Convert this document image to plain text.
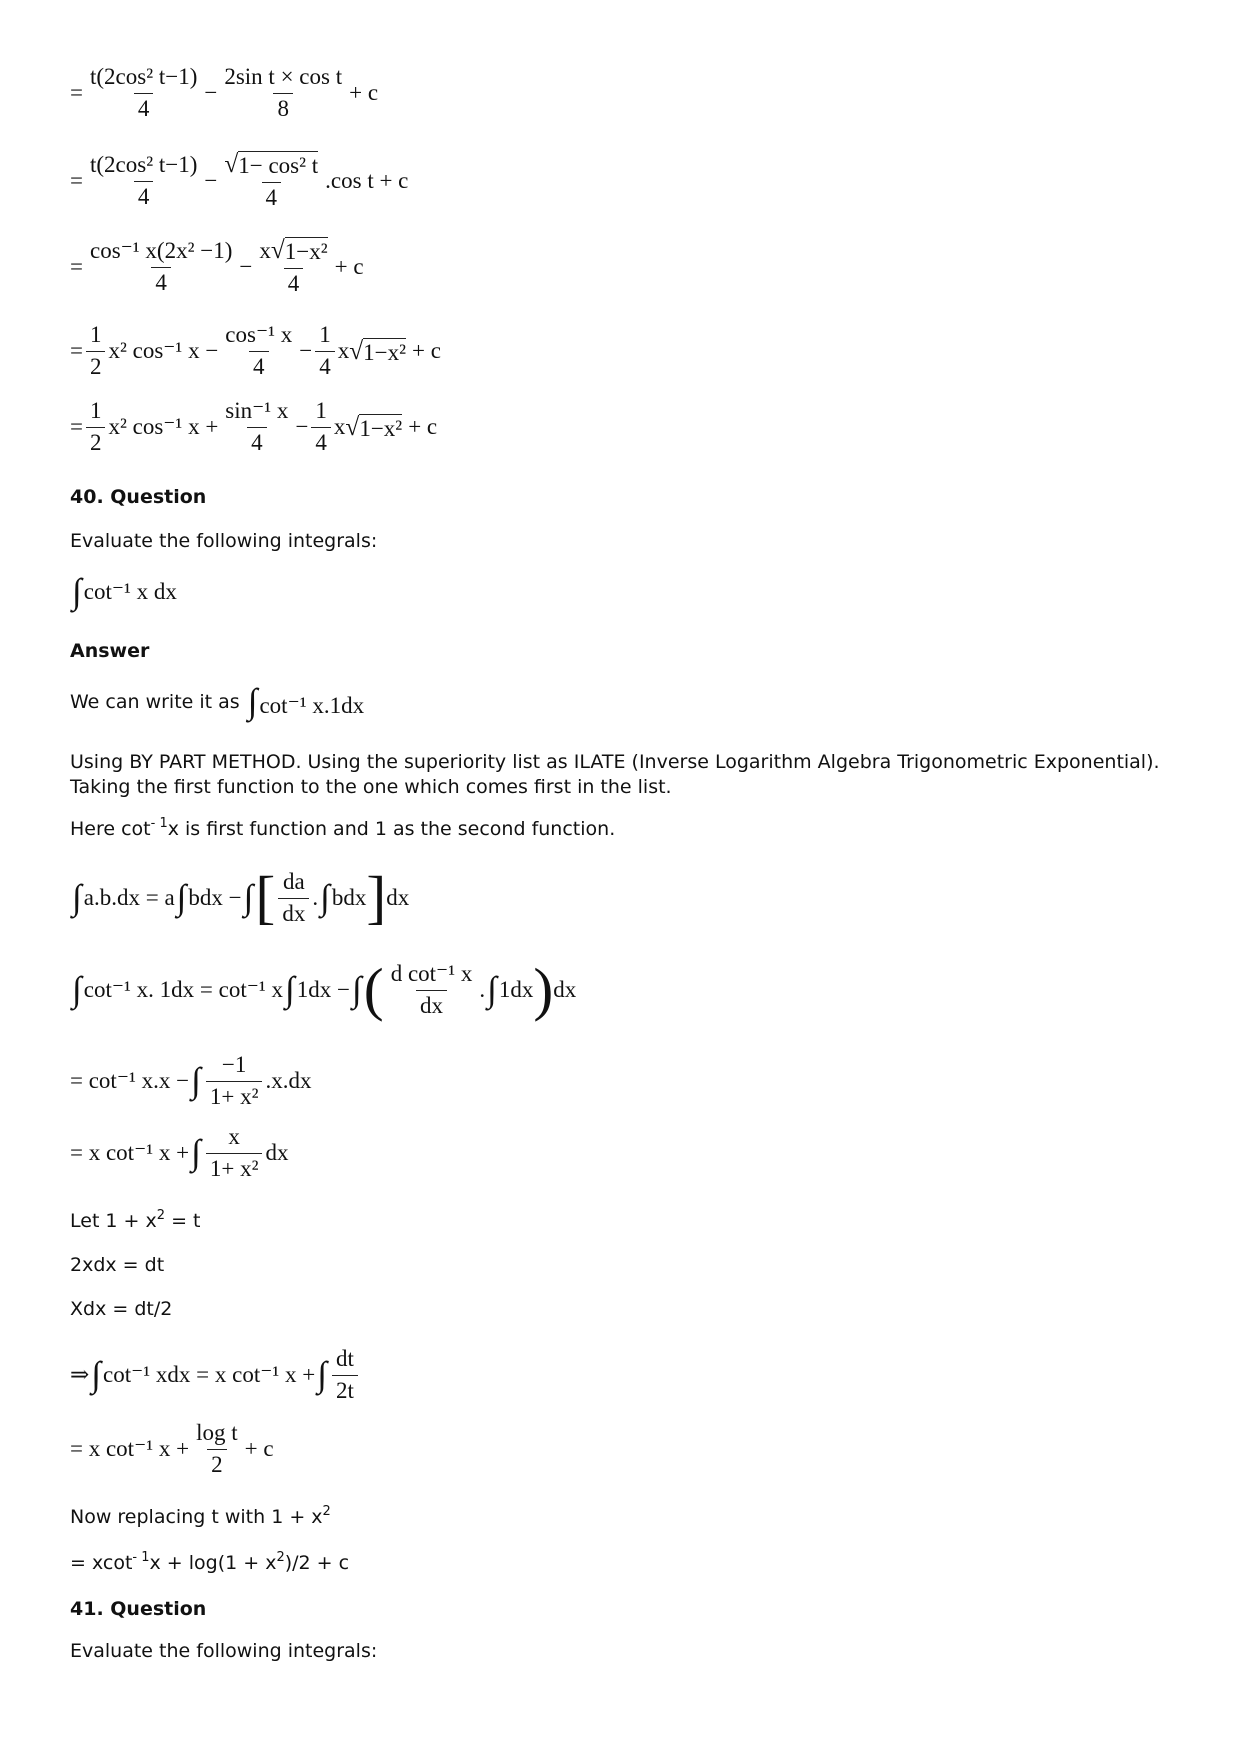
= $\frac{\text{t(2cos² t−1)}}{4} - \frac{\text{2sin t × cos t}}{8} + c$
= $\frac{\text{t(2cos² t−1)}}{4} - \frac{\text{√ 1− cos² t}}{4} .\cos$ t + c
= $\frac{\text{cos⁻¹ x(2x² −1)}}{4} - \frac{\text{x √ 1−x²}}{4} + c$
= $\frac{1}{2} x^2$ cos⁻¹ $x - \frac{\text{cos⁻¹ x}}{4} - \frac{1}{4}$ x √ 1−x² + c
= $\frac{1}{2} x^2$ cos⁻¹ $x + \frac{\text{sin⁻¹ x}}{4} - \frac{1}{4}$ x √ 1−x² + c
40. Question
Evaluate the following integrals:
∫ cot⁻¹ x dx
Answer
We can write it as ∫cot⁻¹ x.1dx
Using BY PART METHOD. Using the superiority list as ILATE (Inverse Logarithm Algebra Trigonometric Exponential). Taking the first function to the one which comes first in the list.
Here $\cot^{- 1}x$ is first function and 1 as the second function.
∫ a.b.dx = a ∫ bdx − ∫ [ $\frac{da}{dx}$ . ∫ bdx ] dx
∫ cot⁻¹ x. 1dx = cot⁻¹ x ∫ 1dx − ∫ ( $\frac{\text{d cot⁻¹ x}}{dx}$ . ∫ 1dx ) dx
= cot⁻¹ x.x − ∫ $\frac{-1}{\text{1+ x²}} .x.dx$
= x cot⁻¹ x + ∫ $\frac{x}{\text{1+ x²}}$ dx
Let $1 + x^2 = t$
2xdx = dt
Xdx = dt/2
⇒ ∫ cot⁻¹ xdx = x cot⁻¹ x + ∫ $\frac{dt}{2t}$
= x cot⁻¹ $x + \frac{\text{log t}}{2} + c$
Now replacing t with $1 + x^2$
= $xcot^{- 1}x + \log(1 + x^2)/2 + c$
41. Question
Evaluate the following integrals:
